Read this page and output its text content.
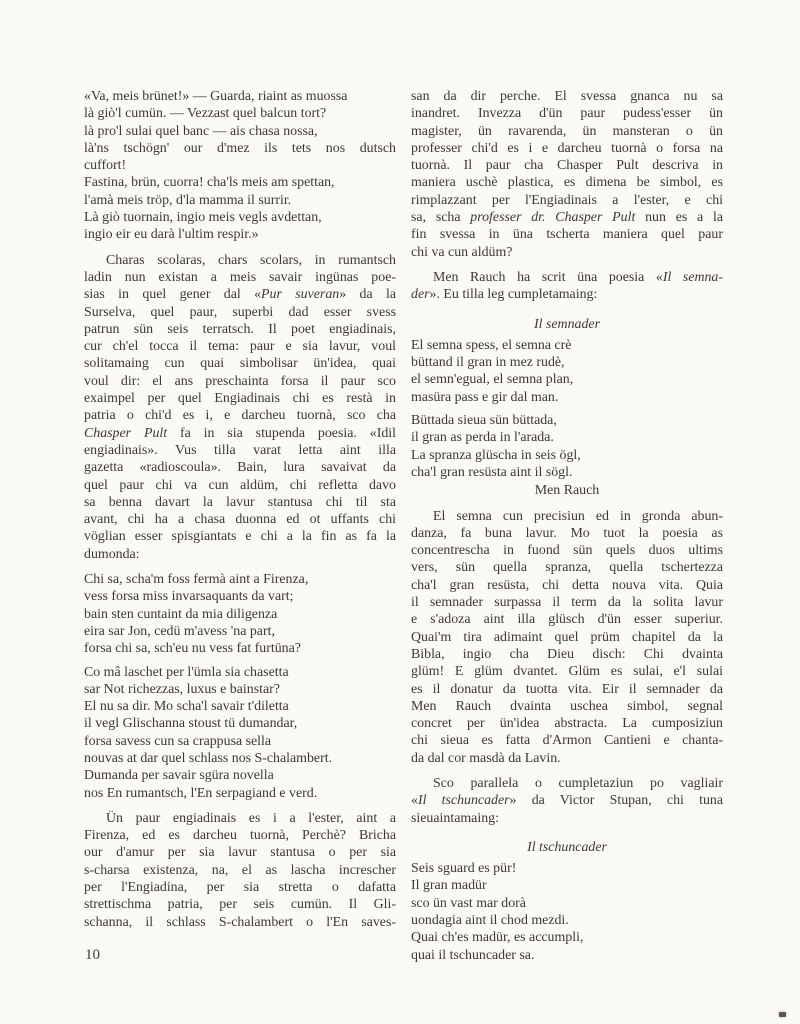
«Va, meis brünet!» — Guarda, riaint as muossa
là giò'l cumün. — Vezzast quel balcun tort?
là pro'l sulai quel banc — ais chasa nossa,
là'ns tschögn' our d'mez ils tets nos dutsch
cuffort!
Fastina, brün, cuorra! cha'ls meis am spettan,
l'amà meis tröp, d'la mamma il surrir.
Là giò tuornain, ingio meis vegls avdettan,
ingio eir eu darà l'ultim respir.»
Charas scolaras, chars scolars, in rumantsch
ladin nun existan a meis savair ingünas poe-
sias in quel gener dal «Pur suveran» da la
Surselva, quel paur, superbi dad esser svess
patrun sün seis terratsch. Il poet engiadinais,
cur ch'el tocca il tema: paur e sia lavur, voul
solitamaing cun quai simbolisar ün'idea, quai
voul dir: el ans preschainta forsa il paur sco
exaimpel per quel Engiadinais chi es restà in
patria o chi'd es i, e darcheu tuornà, sco cha
Chasper Pult fa in sia stupenda poesia. «Idil
engiadinais». Vus tilla varat letta aint illa
gazetta «radioscoula». Bain, lura savaivat da
quel paur chi va cun aldüm, chi refletta davo
sa benna davart la lavur stantusa chi til sta
avant, chi ha a chasa duonna ed ot uffants chi
vöglian esser spisgiantats e chi a la fin as fa la
dumonda:
Chi sa, scha'm foss fermà aint a Firenza,
vess forsa miss invarsaquants da vart;
bain sten cuntaint da mia diligenza
eira sar Jon, cedü m'avess 'na part,
forsa chi sa, sch'eu nu vess fat furtüna?
Co mâ laschet per l'ümla sia chasetta
sar Not richezzas, luxus e bainstar?
El nu sa dir. Mo scha'l savair t'diletta
il vegl Glischanna stoust tü dumandar,
forsa savess cun sa crappusa sella
nouvas at dar quel schlass nos S-chalambert.
Dumanda per savair sgüra novella
nos En rumantsch, l'En serpagiand e verd.
Ün paur engiadinais es i a l'ester, aint a
Firenza, ed es darcheu tuornà, Perchè? Bricha
our d'amur per sia lavur stantusa o per sia
s-charsa existenza, na, el as lascha increscher
per l'Engiadina, per sia stretta o dafatta
strettischma patria, per seis cumün. Il Gli-
schanna, il schlass S-chalambert o l'En saves-
san da dir perche. El svessa gnanca nu sa
inandret. Invezza d'ün paur pudess'esser ün
magister, ün ravarenda, ün mansteran o ün
professer chi'd es i e darcheu tuornà o forsa na
tuornà. Il paur cha Chasper Pult descriva in
maniera uschè plastica, es dimena be simbol, es
rimplazzant per l'Engiadinais a l'ester, e chi
sa, scha professer dr. Chasper Pult nun es a la
fin svessa in üna tscherta maniera quel paur
chi va cun aldüm?
Men Rauch ha scrit üna poesia «Il semna-
der». Eu tilla leg cumpletamaing:
Il semnader
El semna spess, el semna crè
büttand il gran in mez rudè,
el semn'egual, el semna plan,
masüra pass e gir dal man.
Büttada sieua sün büttada,
il gran as perda in l'arada.
La spranza glüscha in seis ögl,
cha'l gran resüsta aint il sögl.
Men Rauch
El semna cun precisiun ed in gronda abun-
danza, fa buna lavur. Mo tuot la poesia as
concentrescha in fuond sün quels duos ultims
vers, sün quella spranza, quella tschertezza
cha'l gran resüsta, chi detta nouva vita. Quia
il semnader surpassa il term da la solita lavur
e s'adoza aint illa glüsch d'ün esser superiur.
Quai'm tira adimaint quel prüm chapitel da la
Bibla, ingio cha Dieu disch: Chi dvainta
glüm! E glüm dvantet. Glüm es sulai, e'l sulai
es il donatur da tuotta vita. Eir il semnader da
Men Rauch dvainta uschea simbol, segnal
concret per ün'idea abstracta. La cumposiziun
chi sieua es fatta d'Armon Cantieni e chanta-
da dal cor masdà da Lavin.
Sco parallela o cumpletaziun po vagliair
«Il tschuncader» da Victor Stupan, chi tuna
sieuaintamaing:
Il tschuncader
Seis sguard es pür!
Il gran madür
sco ün vast mar dorà
uondagia aint il chod mezdi.
Quai ch'es madür, es accumpli,
quai il tschuncader sa.
10
